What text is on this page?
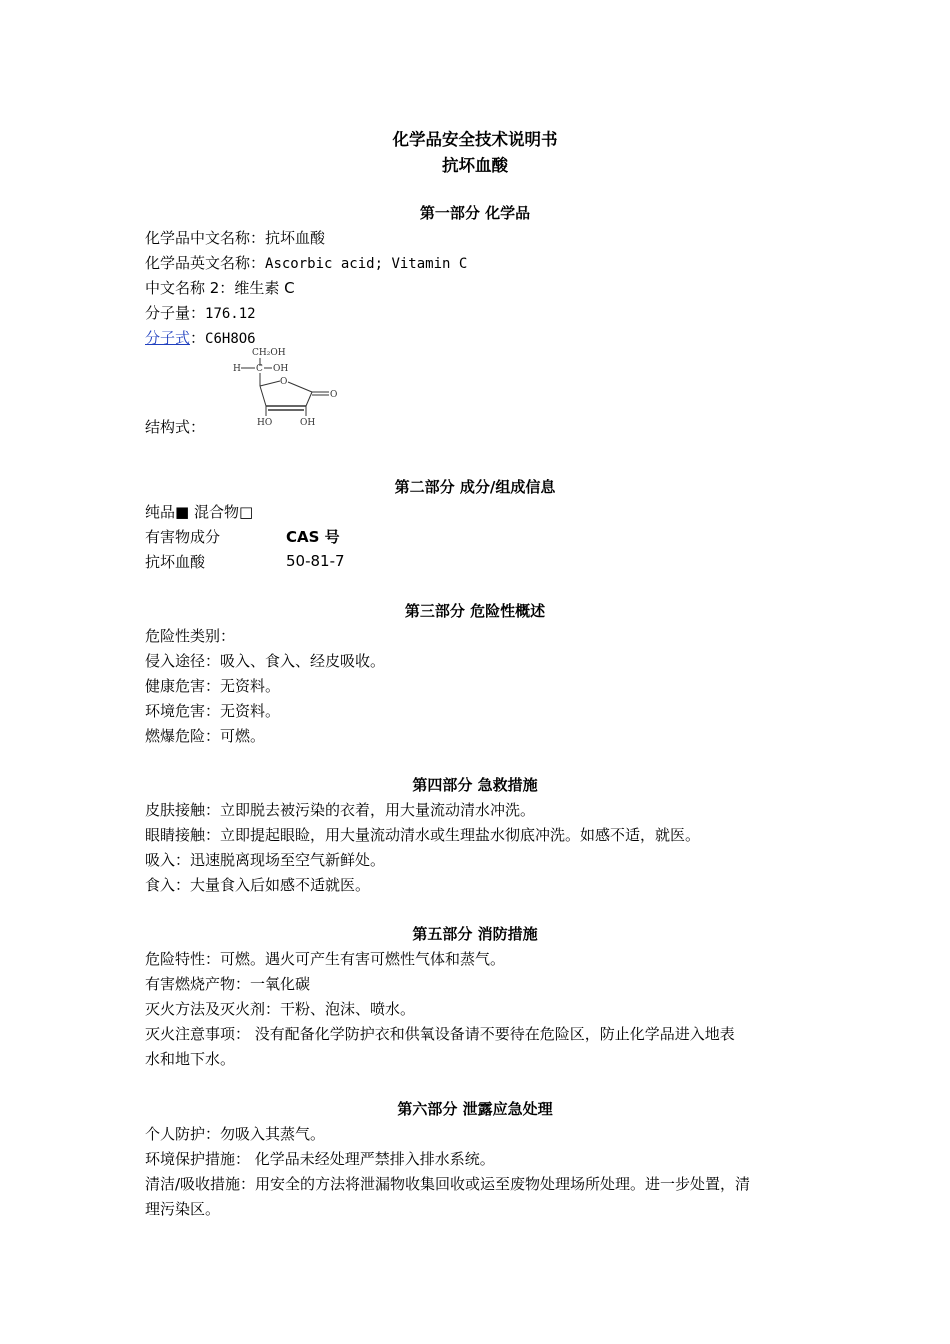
化学品安全技术说明书
抗坏血酸
第一部分 化学品
化学品中文名称：抗坏血酸
化学品英文名称：Ascorbic acid; Vitamin C
中文名称 2：维生素 C
分子量：176.12
分子式：C6H8O6
结构式：
CH₂OH
H C OH
O
O
HO	OH
第二部分 成分/组成信息
纯品■ 混合物□
有害物成分	CAS 号
抗坏血酸	50-81-7
第三部分 危险性概述
危险性类别：
侵入途径：吸入、食入、经皮吸收。
健康危害：无资料。
环境危害：无资料。
燃爆危险：可燃。
第四部分 急救措施
皮肤接触：立即脱去被污染的衣着，用大量流动清水冲洗。
眼睛接触：立即提起眼睑，用大量流动清水或生理盐水彻底冲洗。如感不适，就医。
吸入：迅速脱离现场至空气新鲜处。
食入：大量食入后如感不适就医。
第五部分 消防措施
危险特性：可燃。遇火可产生有害可燃性气体和蒸气。
有害燃烧产物：一氧化碳
灭火方法及灭火剂：干粉、泡沫、喷水。
灭火注意事项： 没有配备化学防护衣和供氧设备请不要待在危险区，防止化学品进入地表
水和地下水。
第六部分 泄露应急处理
个人防护：勿吸入其蒸气。
环境保护措施： 化学品未经处理严禁排入排水系统。
清洁/吸收措施：用安全的方法将泄漏物收集回收或运至废物处理场所处理。进一步处置，清
理污染区。
